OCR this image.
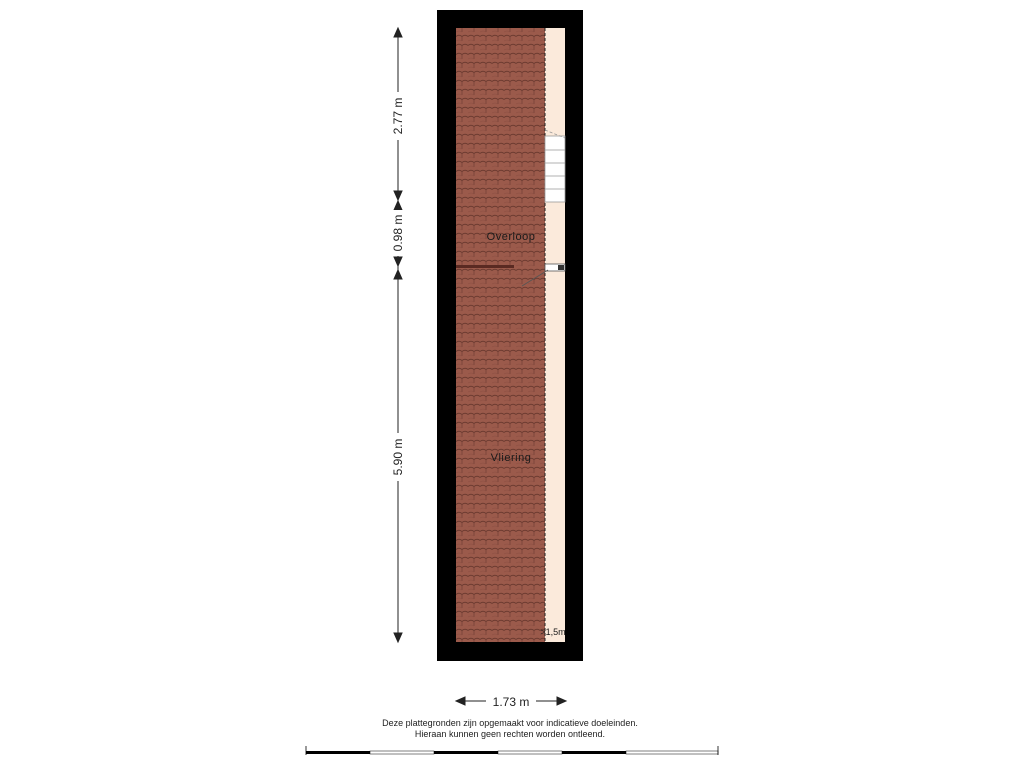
Overloop
Vliering
>1,5m
2.77 m
0.98 m
5.90 m
1.73 m
Deze plattegronden zijn opgemaakt voor indicatieve doeleinden.
Hieraan kunnen geen rechten worden ontleend.
